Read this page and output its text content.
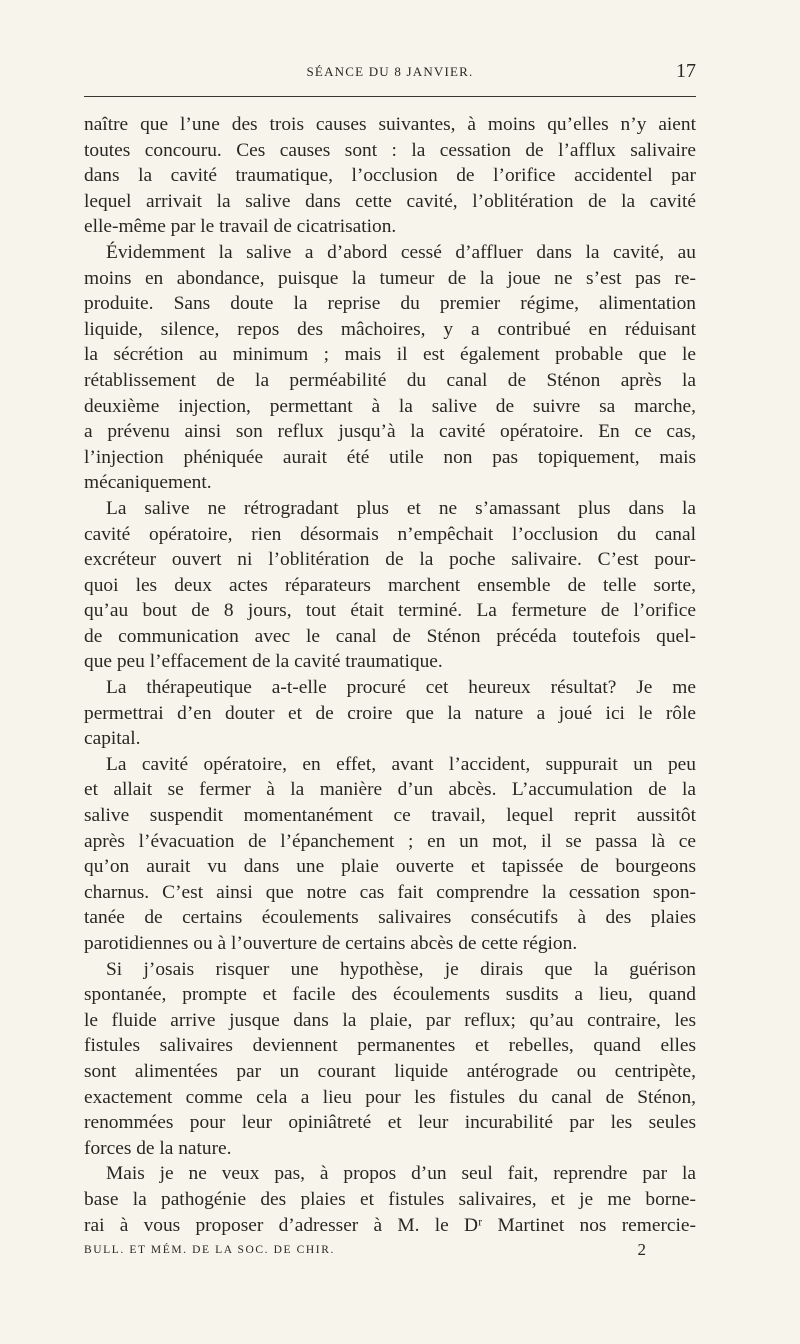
SÉANCE DU 8 JANVIER.	17
naître que l’une des trois causes suivantes, à moins qu’elles n’y aient
toutes concouru. Ces causes sont : la cessation de l’afflux salivaire
dans la cavité traumatique, l’occlusion de l’orifice accidentel par
lequel arrivait la salive dans cette cavité, l’oblitération de la cavité
elle-même par le travail de cicatrisation.
Évidemment la salive a d’abord cessé d’affluer dans la cavité, au
moins en abondance, puisque la tumeur de la joue ne s’est pas re-
produite. Sans doute la reprise du premier régime, alimentation
liquide, silence, repos des mâchoires, y a contribué en réduisant
la sécrétion au minimum ; mais il est également probable que le
rétablissement de la perméabilité du canal de Sténon après la
deuxième injection, permettant à la salive de suivre sa marche,
a prévenu ainsi son reflux jusqu’à la cavité opératoire. En ce cas,
l’injection phéniquée aurait été utile non pas topiquement, mais
mécaniquement.
La salive ne rétrogradant plus et ne s’amassant plus dans la
cavité opératoire, rien désormais n’empêchait l’occlusion du canal
excréteur ouvert ni l’oblitération de la poche salivaire. C’est pour-
quoi les deux actes réparateurs marchent ensemble de telle sorte,
qu’au bout de 8 jours, tout était terminé. La fermeture de l’orifice
de communication avec le canal de Sténon précéda toutefois quel-
que peu l’effacement de la cavité traumatique.
La thérapeutique a-t-elle procuré cet heureux résultat? Je me
permettrai d’en douter et de croire que la nature a joué ici le rôle
capital.
La cavité opératoire, en effet, avant l’accident, suppurait un peu
et allait se fermer à la manière d’un abcès. L’accumulation de la
salive suspendit momentanément ce travail, lequel reprit aussitôt
après l’évacuation de l’épanchement ; en un mot, il se passa là ce
qu’on aurait vu dans une plaie ouverte et tapissée de bourgeons
charnus. C’est ainsi que notre cas fait comprendre la cessation spon-
tanée de certains écoulements salivaires consécutifs à des plaies
parotidiennes ou à l’ouverture de certains abcès de cette région.
Si j’osais risquer une hypothèse, je dirais que la guérison
spontanée, prompte et facile des écoulements susdits a lieu, quand
le fluide arrive jusque dans la plaie, par reflux; qu’au contraire, les
fistules salivaires deviennent permanentes et rebelles, quand elles
sont alimentées par un courant liquide antérograde ou centripète,
exactement comme cela a lieu pour les fistules du canal de Sténon,
renommées pour leur opiniâtreté et leur incurabilité par les seules
forces de la nature.
Mais je ne veux pas, à propos d’un seul fait, reprendre par la
base la pathogénie des plaies et fistules salivaires, et je me borne-
rai à vous proposer d’adresser à M. le Dʳ Martinet nos remercie-
BULL. ET MÉM. DE LA SOC. DE CHIR.	2
